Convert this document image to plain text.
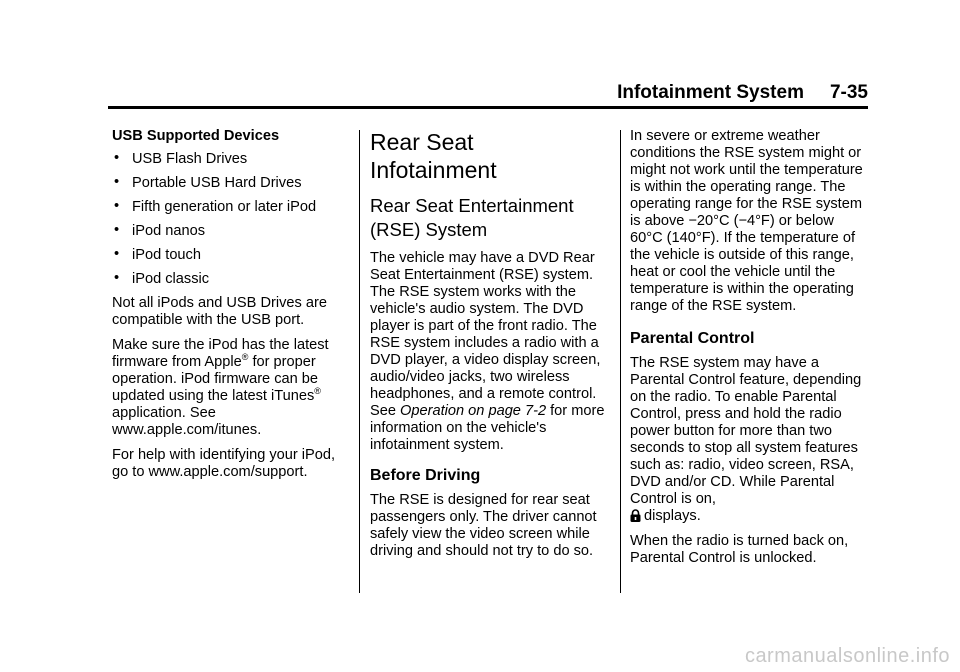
Infotainment System 7-35
USB Supported Devices
• USB Flash Drives
• Portable USB Hard Drives
• Fifth generation or later iPod
• iPod nanos
• iPod touch
• iPod classic

Not all iPods and USB Drives are compatible with the USB port.

Make sure the iPod has the latest firmware from Apple® for proper operation. iPod firmware can be updated using the latest iTunes® application. See www.apple.com/itunes.

For help with identifying your iPod, go to www.apple.com/support.

Rear Seat Infotainment
Rear Seat Entertainment (RSE) System

The vehicle may have a DVD Rear Seat Entertainment (RSE) system. The RSE system works with the vehicle's audio system. The DVD player is part of the front radio. The RSE system includes a radio with a DVD player, a video display screen, audio/video jacks, two wireless headphones, and a remote control. See Operation on page 7-2 for more information on the vehicle's infotainment system.

Before Driving

The RSE is designed for rear seat passengers only. The driver cannot safely view the video screen while driving and should not try to do so.

In severe or extreme weather conditions the RSE system might or might not work until the temperature is within the operating range. The operating range for the RSE system is above −20°C (−4°F) or below 60°C (140°F). If the temperature of the vehicle is outside of this range, heat or cool the vehicle until the temperature is within the operating range of the RSE system.

Parental Control

The RSE system may have a Parental Control feature, depending on the radio. To enable Parental Control, press and hold the radio power button for more than two seconds to stop all system features such as: radio, video screen, RSA, DVD and/or CD. While Parental Control is on,
displays.

When the radio is turned back on, Parental Control is unlocked.

carmanualsonline.info
